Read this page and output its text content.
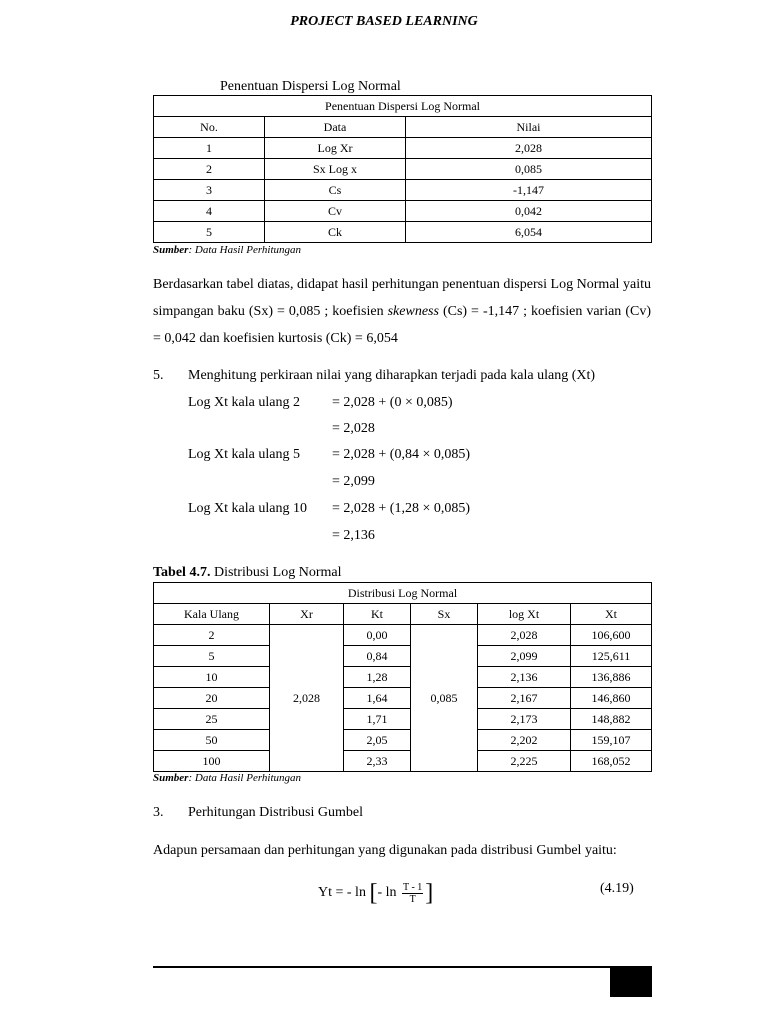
PROJECT BASED LEARNING
Penentuan Dispersi Log Normal
Penentuan Dispersi Log Normal		
No.	Data	Nilai
1	Log Xr	2,028
2	Sx Log x	0,085
3	Cs	-1,147
4	Cv	0,042
5	Ck	6,054
Sumber: Data Hasil Perhitungan
Berdasarkan tabel diatas, didapat hasil perhitungan penentuan dispersi Log Normal yaitu simpangan baku (Sx) = 0,085 ; koefisien skewness (Cs) = -1,147 ; koefisien varian (Cv) = 0,042 dan koefisien kurtosis (Ck) = 6,054
5. Menghitung perkiraan nilai yang diharapkan terjadi pada kala ulang (Xt)
Log Xt kala ulang 2 = 2,028 + (0 × 0,085)
= 2,028
Log Xt kala ulang 5 = 2,028 + (0,84 × 0,085)
= 2,099
Log Xt kala ulang 10 = 2,028 + (1,28 × 0,085)
= 2,136
Tabel 4.7. Distribusi Log Normal
Distribusi Log Normal					
Kala Ulang	Xr	Kt	Sx	log Xt	Xt
2	2,028	0,00	0,085	2,028	106,600
5		0,84		2,099	125,611
10		1,28		2,136	136,886
20		1,64		2,167	146,860
25		1,71		2,173	148,882
50		2,05		2,202	159,107
100		2,33		2,225	168,052
Sumber: Data Hasil Perhitungan
3. Perhitungan Distribusi Gumbel
Adapun persamaan dan perhitungan yang digunakan pada distribusi Gumbel yaitu:
Yt = - ln [- $\ln \frac{T - 1}{T}$ ]	(4.19)
